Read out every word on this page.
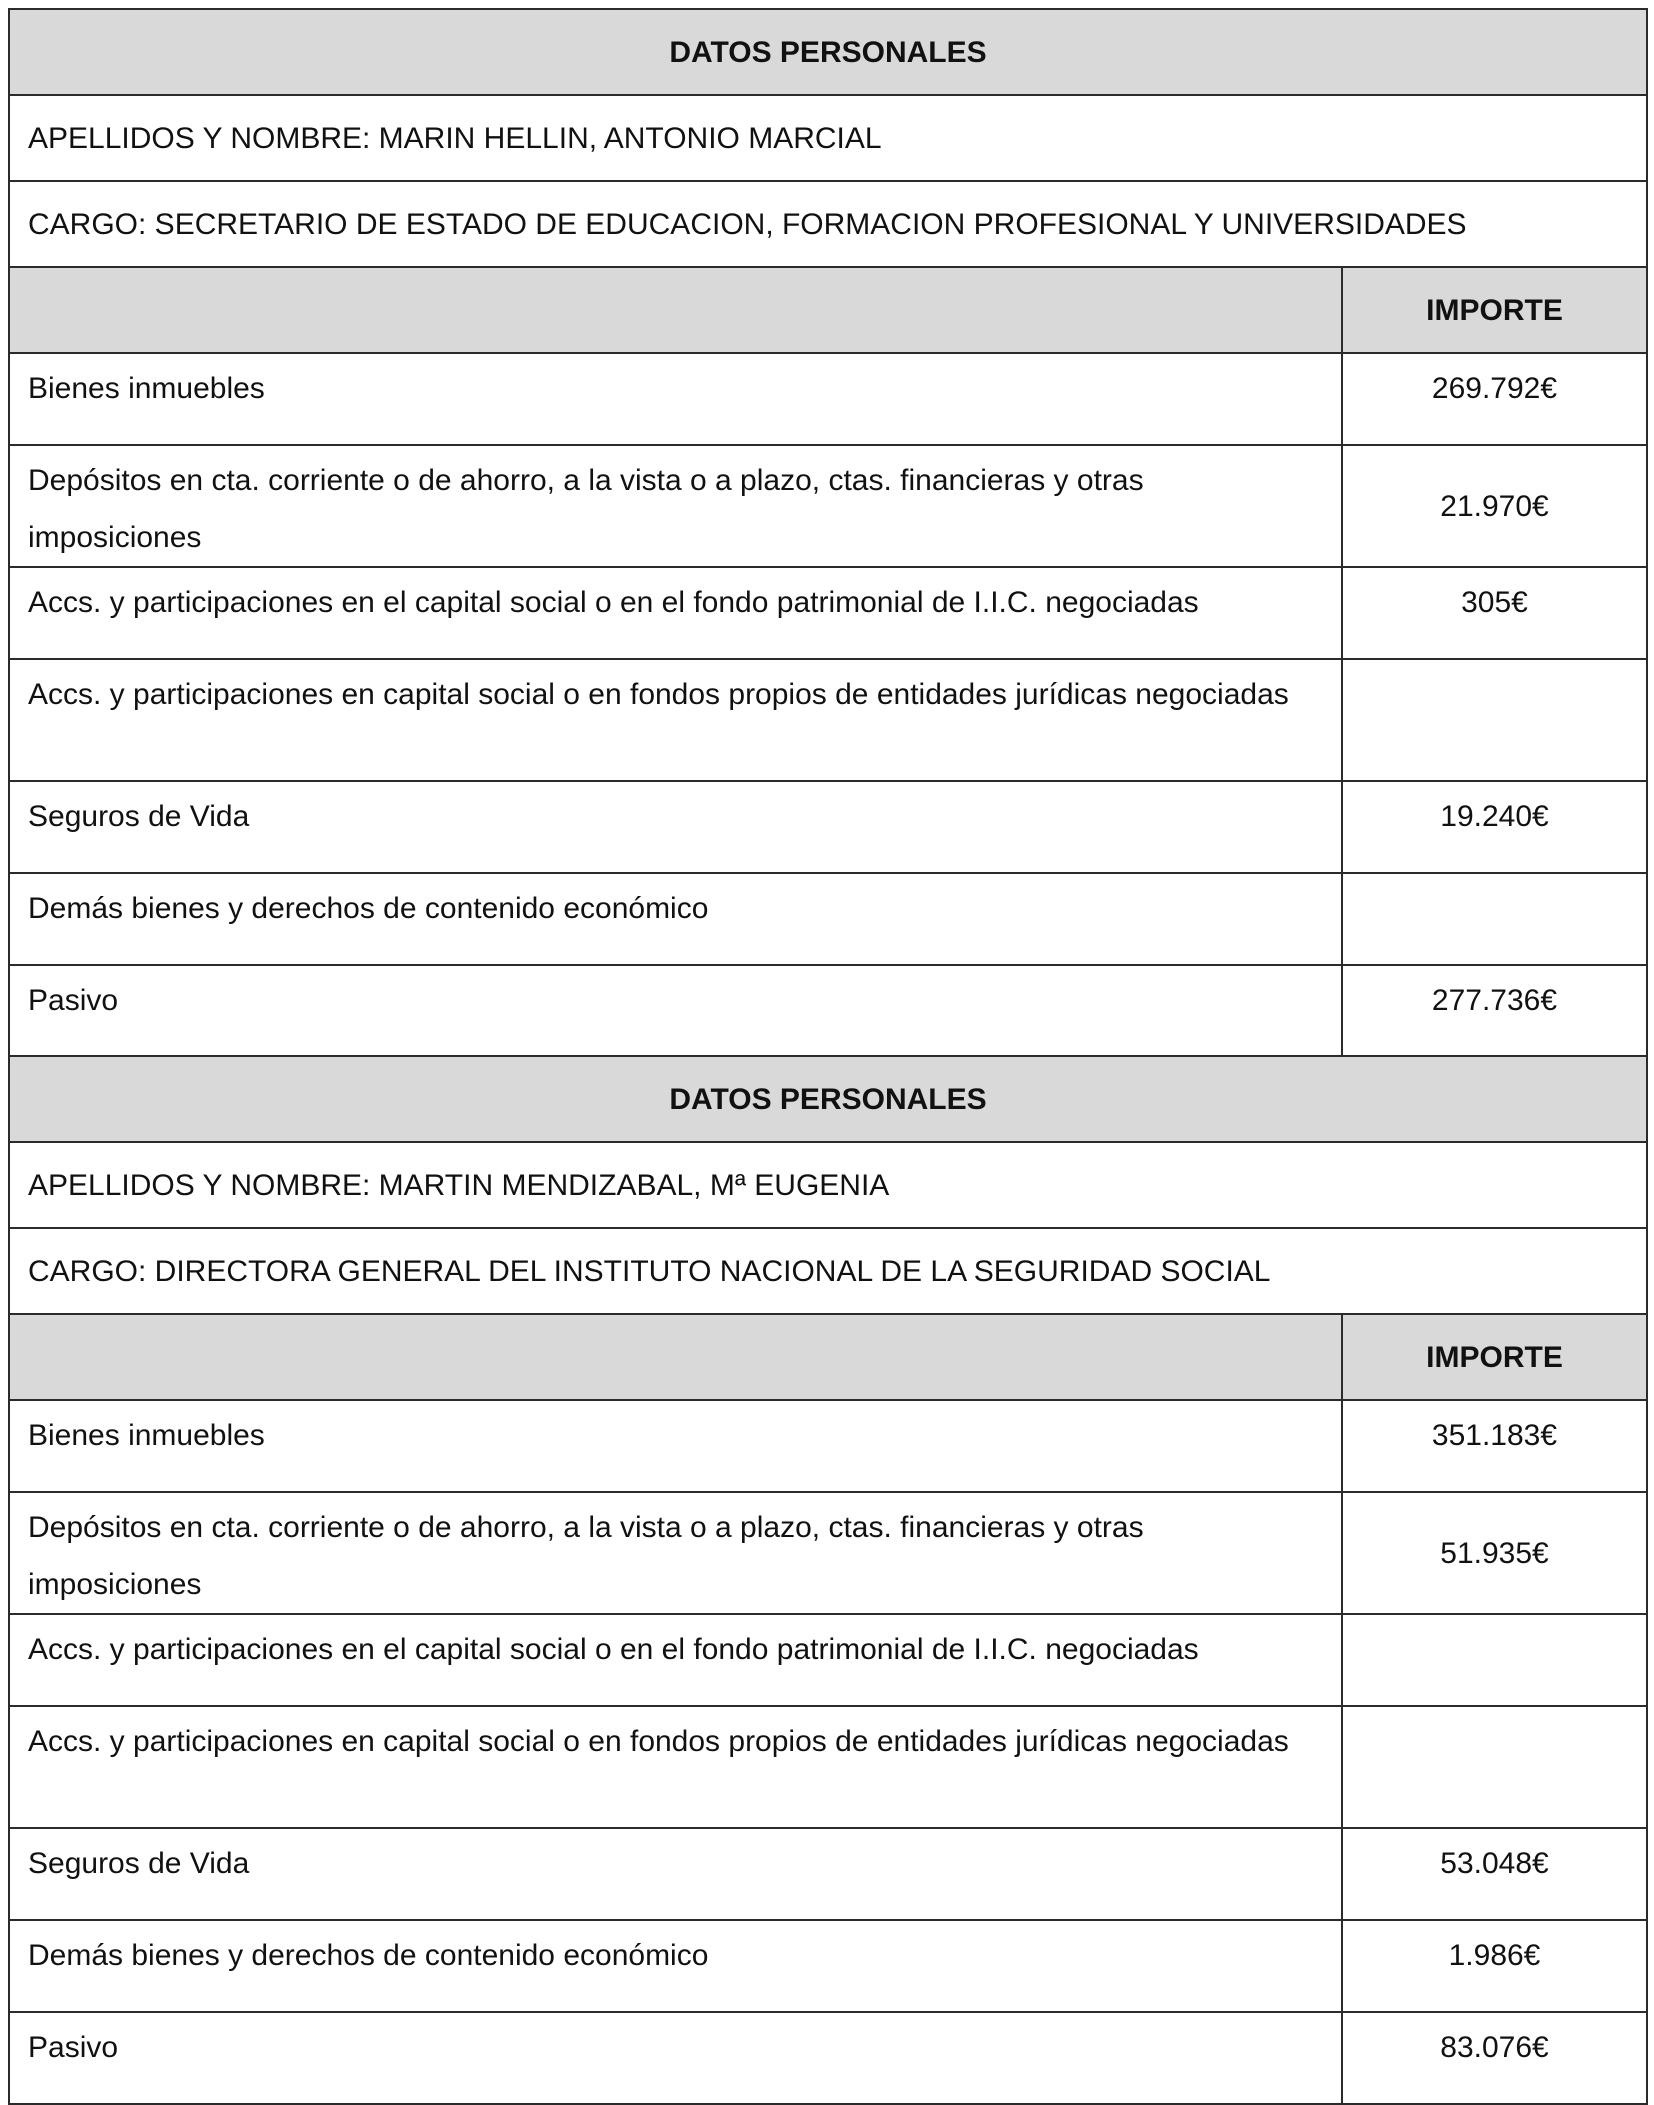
DATOS PERSONALES	
APELLIDOS Y NOMBRE: MARIN HELLIN, ANTONIO MARCIAL	
CARGO: SECRETARIO DE ESTADO DE EDUCACION, FORMACION PROFESIONAL Y UNIVERSIDADES	
	IMPORTE
Bienes inmuebles	269.792€
Depósitos en cta. corriente o de ahorro, a la vista o a plazo, ctas. financieras y otras imposiciones	21.970€
Accs. y participaciones en el capital social o en el fondo patrimonial de I.I.C. negociadas	305€
Accs. y participaciones en capital social o en fondos propios de entidades jurídicas negociadas	
Seguros de Vida	19.240€
Demás bienes y derechos de contenido económico	
Pasivo	277.736€
DATOS PERSONALES	
APELLIDOS Y NOMBRE: MARTIN MENDIZABAL, Mª EUGENIA	
CARGO: DIRECTORA GENERAL DEL INSTITUTO NACIONAL DE LA SEGURIDAD SOCIAL	
	IMPORTE
Bienes inmuebles	351.183€
Depósitos en cta. corriente o de ahorro, a la vista o a plazo, ctas. financieras y otras imposiciones	51.935€
Accs. y participaciones en el capital social o en el fondo patrimonial de I.I.C. negociadas	
Accs. y participaciones en capital social o en fondos propios de entidades jurídicas negociadas	
Seguros de Vida	53.048€
Demás bienes y derechos de contenido económico	1.986€
Pasivo	83.076€
